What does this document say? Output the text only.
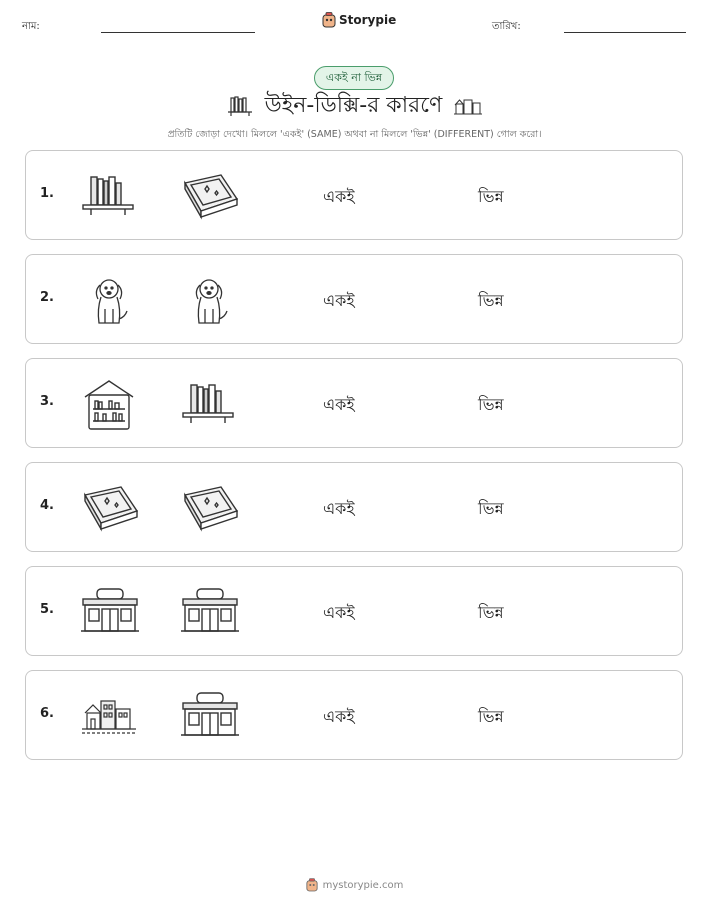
নাম:	Storypie	তারিখ:
একই না ভিন্ন
উইন-ডিক্সি-র কারণে
প্রতিটি জোড়া দেখো। মিললে 'একই' (SAME) অথবা না মিললে 'ভিন্ন' (DIFFERENT) গোল করো।
1.	একই	ভিন্ন
2.	একই	ভিন্ন
3.	একই	ভিন্ন
4.	একই	ভিন্ন
5.	একই	ভিন্ন
6.	একই	ভিন্ন
mystorypie.com
